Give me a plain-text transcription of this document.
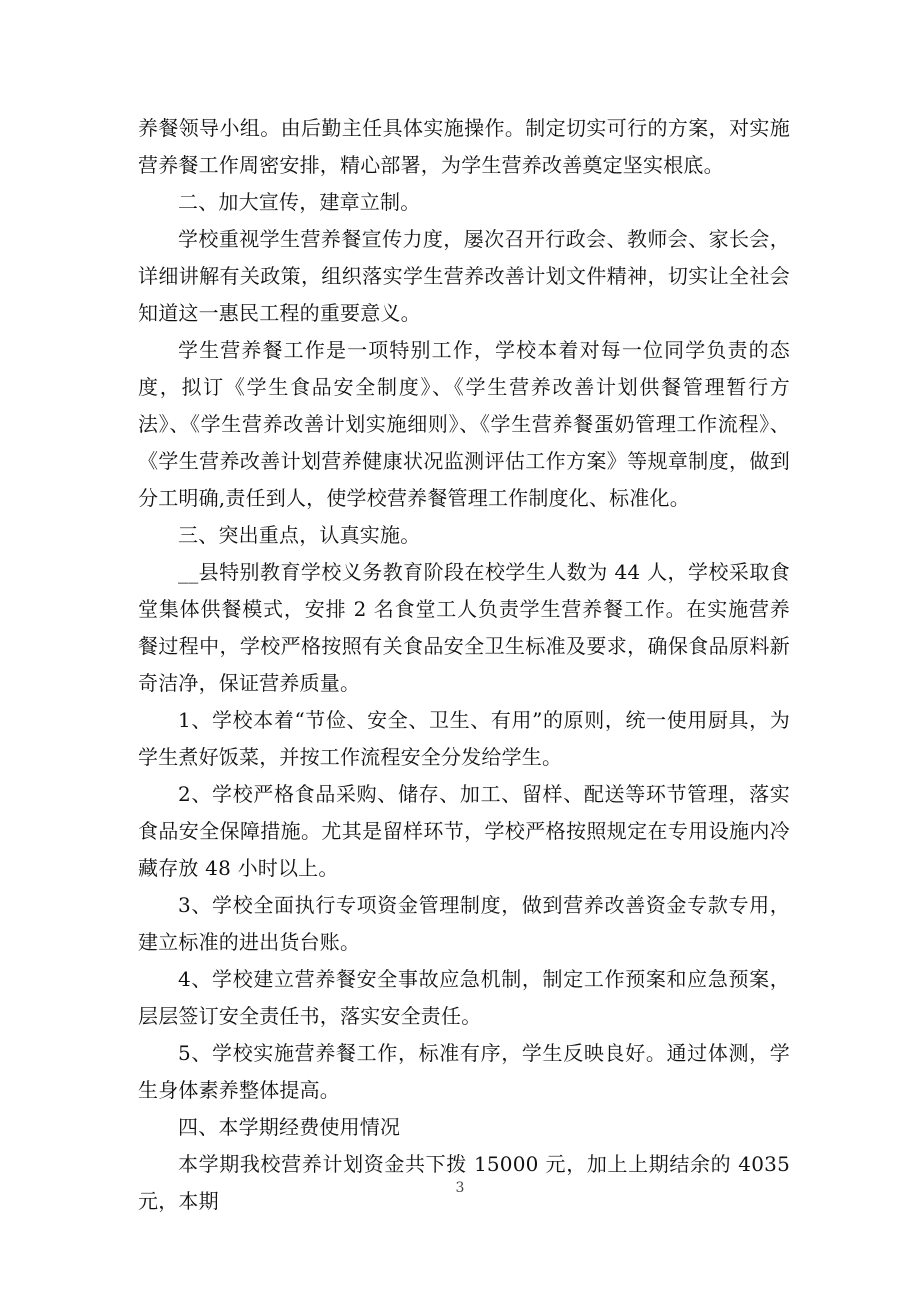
养餐领导小组。由后勤主任具体实施操作。制定切实可行的方案，对实施营养餐工作周密安排，精心部署，为学生营养改善奠定坚实根底。

二、加大宣传，建章立制。

学校重视学生营养餐宣传力度，屡次召开行政会、教师会、家长会，详细讲解有关政策，组织落实学生营养改善计划文件精神，切实让全社会知道这一惠民工程的重要意义。

学生营养餐工作是一项特别工作，学校本着对每一位同学负责的态度，拟订《学生食品安全制度》、《学生营养改善计划供餐管理暂行方法》、《学生营养改善计划实施细则》、《学生营养餐蛋奶管理工作流程》、《学生营养改善计划营养健康状况监测评估工作方案》等规章制度，做到分工明确,责任到人，使学校营养餐管理工作制度化、标准化。

三、突出重点，认真实施。

__县特别教育学校义务教育阶段在校学生人数为 44 人，学校采取食堂集体供餐模式，安排 2 名食堂工人负责学生营养餐工作。在实施营养餐过程中，学校严格按照有关食品安全卫生标准及要求，确保食品原料新奇洁净，保证营养质量。

1、学校本着“节俭、安全、卫生、有用”的原则，统一使用厨具，为学生煮好饭菜，并按工作流程安全分发给学生。

2、学校严格食品采购、储存、加工、留样、配送等环节管理，落实食品安全保障措施。尤其是留样环节，学校严格按照规定在专用设施内冷藏存放 48 小时以上。

3、学校全面执行专项资金管理制度，做到营养改善资金专款专用，建立标准的进出货台账。

4、学校建立营养餐安全事故应急机制，制定工作预案和应急预案，层层签订安全责任书，落实安全责任。

5、学校实施营养餐工作，标准有序，学生反映良好。通过体测，学生身体素养整体提高。

四、本学期经费使用情况

本学期我校营养计划资金共下拨 15000 元，加上上期结余的 4035 元，本期

3
